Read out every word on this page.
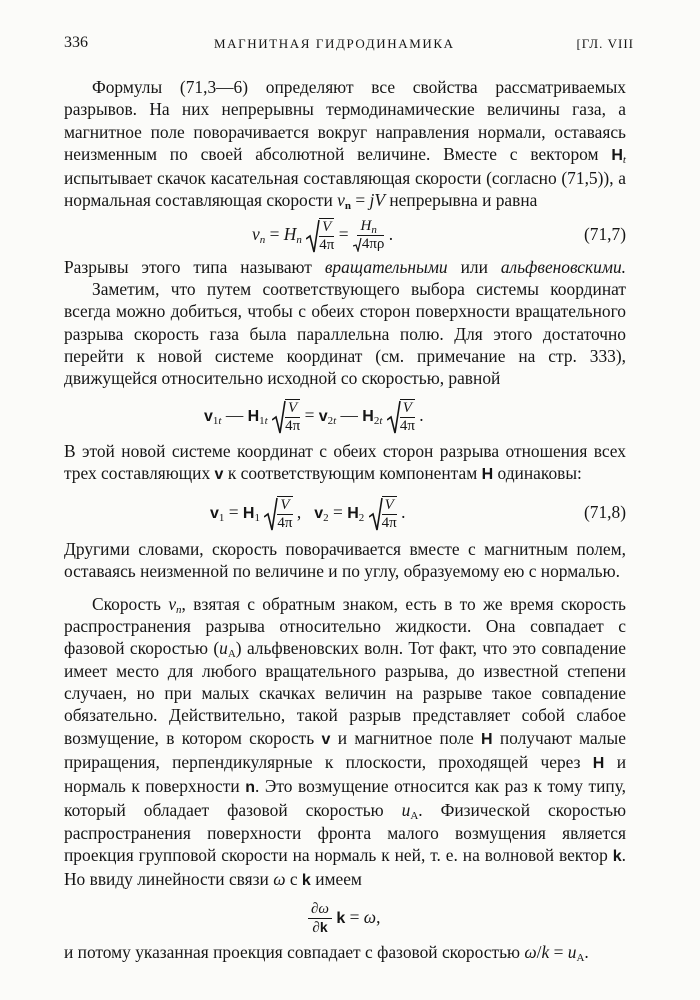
336	МАГНИТНАЯ ГИДРОДИНАМИКА	[ГЛ. VIII

Формулы (71,3—6) определяют все свойства рассматриваемых разрывов. На них непрерывны термодинамические величины газа, а магнитное поле поворачивается вокруг направления нормали, оставаясь неизменным по своей абсолютной величине. Вместе с вектором $H_t$ испытывает скачок касательная составляющая скорости (согласно (71,5)), а нормальная составляющая скорости $v_n$ = jV непрерывна и равна

$v_n = H_n \frac{V}{4\pi} = \frac{H_n}{4\pi\rho}$ .	(71,7)

Разрывы этого типа называют вращательными или альфвеновскими.

Заметим, что путем соответствующего выбора системы координат всегда можно добиться, чтобы с обеих сторон поверхности вращательного разрыва скорость газа была параллельна полю. Для этого достаточно перейти к новой системе координат (см. примечание на стр. 333), движущейся относительно исходной со скоростью, равной

$v_{1t}$ — $H_{1t} \frac{V}{4\pi} = v_{2t}$ — $H_{2t} \frac{V}{4\pi}$ .

В этой новой системе координат с обеих сторон разрыва отношения всех трех составляющих v к соответствующим компонентам H одинаковы:

$v_1 = H_1 \frac{V}{4\pi}$ ,   $v_2 = H_2 \frac{V}{4\pi}$ .	(71,8)

Другими словами, скорость поворачивается вместе с магнитным полем, оставаясь неизменной по величине и по углу, образуемому ею с нормалью.

Скорость $v_n$, взятая с обратным знаком, есть в то же время скорость распространения разрыва относительно жидкости. Она совпадает с фазовой скоростью $(u_А)$ альфвеновских волн. Тот факт, что это совпадение имеет место для любого вращательного разрыва, до известной степени случаен, но при малых скачках величин на разрыве такое совпадение обязательно. Действительно, такой разрыв представляет собой слабое возмущение, в котором скорость v и магнитное поле H получают малые приращения, перпендикулярные к плоскости, проходящей через H и нормаль к поверхности n. Это возмущение относится как раз к тому типу, который обладает фазовой скоростью $u_А$. Физической скоростью распространения поверхности фронта малого возмущения является проекция групповой скорости на нормаль к ней, т. е. на волновой вектор k. Но ввиду линейности связи ω с k имеем

$\frac{\partial\omega}{\partial k}$ k = ω,

и потому указанная проекция совпадает с фазовой скоростью $\omega/k = u_А$.
